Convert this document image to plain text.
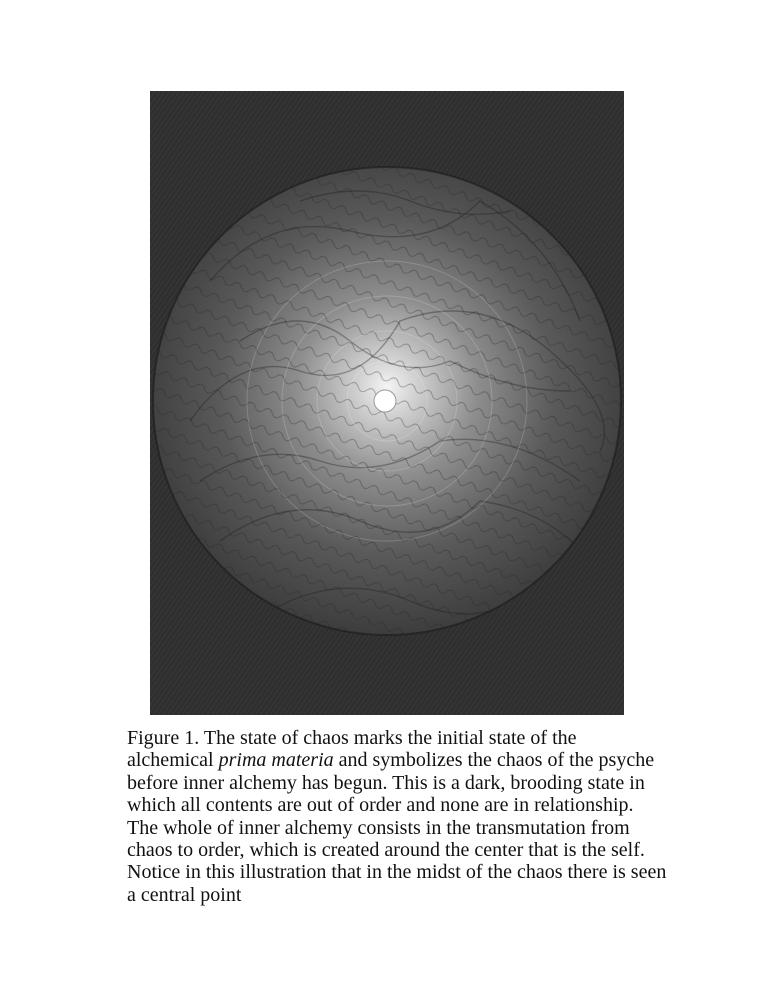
Figure 1. The state of chaos marks the initial state of the alchemical prima materia and symbolizes the chaos of the psyche before inner alchemy has begun. This is a dark, brooding state in which all contents are out of order and none are in relationship. The whole of inner alchemy consists in the transmutation from chaos to order, which is created around the center that is the self. Notice in this illustration that in the midst of the chaos there is seen a central point
